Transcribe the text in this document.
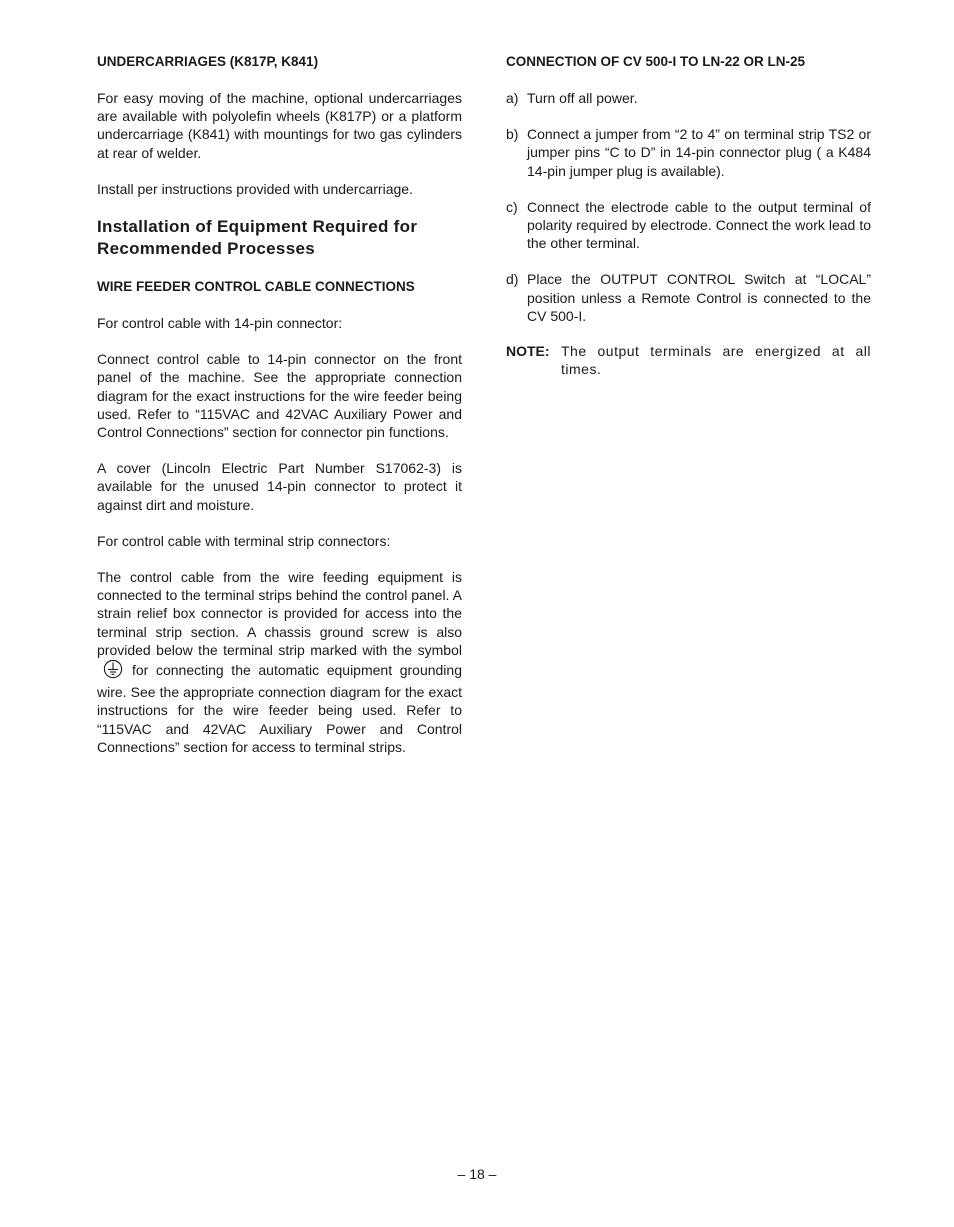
UNDERCARRIAGES (K817P, K841)

For easy moving of the machine, optional undercarriages are available with polyolefin wheels (K817P) or a platform undercarriage (K841) with mountings for two gas cylinders at rear of welder.

Install per instructions provided with undercarriage.

Installation of Equipment Required for Recommended Processes
WIRE FEEDER CONTROL CABLE CONNECTIONS

For control cable with 14-pin connector:

Connect control cable to 14-pin connector on the front panel of the machine. See the appropriate connection diagram for the exact instructions for the wire feeder being used. Refer to “115VAC and 42VAC Auxiliary Power and Control Connections” section for connector pin functions.

A cover (Lincoln Electric Part Number S17062-3) is available for the unused 14-pin connector to protect it against dirt and moisture.

For control cable with terminal strip connectors:

The control cable from the wire feeding equipment is connected to the terminal strips behind the control panel. A strain relief box connector is provided for access into the terminal strip section. A chassis ground screw is also provided below the terminal strip marked with the symbolfor connecting the automatic equipment grounding wire. See the appropriate connection diagram for the exact instructions for the wire feeder being used. Refer to “115VAC and 42VAC Auxiliary Power and Control Connections” section for access to terminal strips.

CONNECTION OF CV 500-I TO LN-22 OR LN-25
a) Turn off all power.
b) Connect a jumper from “2 to 4” on terminal strip TS2 or jumper pins “C to D” in 14-pin connector plug ( a K484 14-pin jumper plug is available).
c) Connect the electrode cable to the output terminal of polarity required by electrode. Connect the work lead to the other terminal.
d) Place the OUTPUT CONTROL Switch at “LOCAL” position unless a Remote Control is connected to the CV 500-I.
NOTE: The output terminals are energized at all times.
– 18 –
